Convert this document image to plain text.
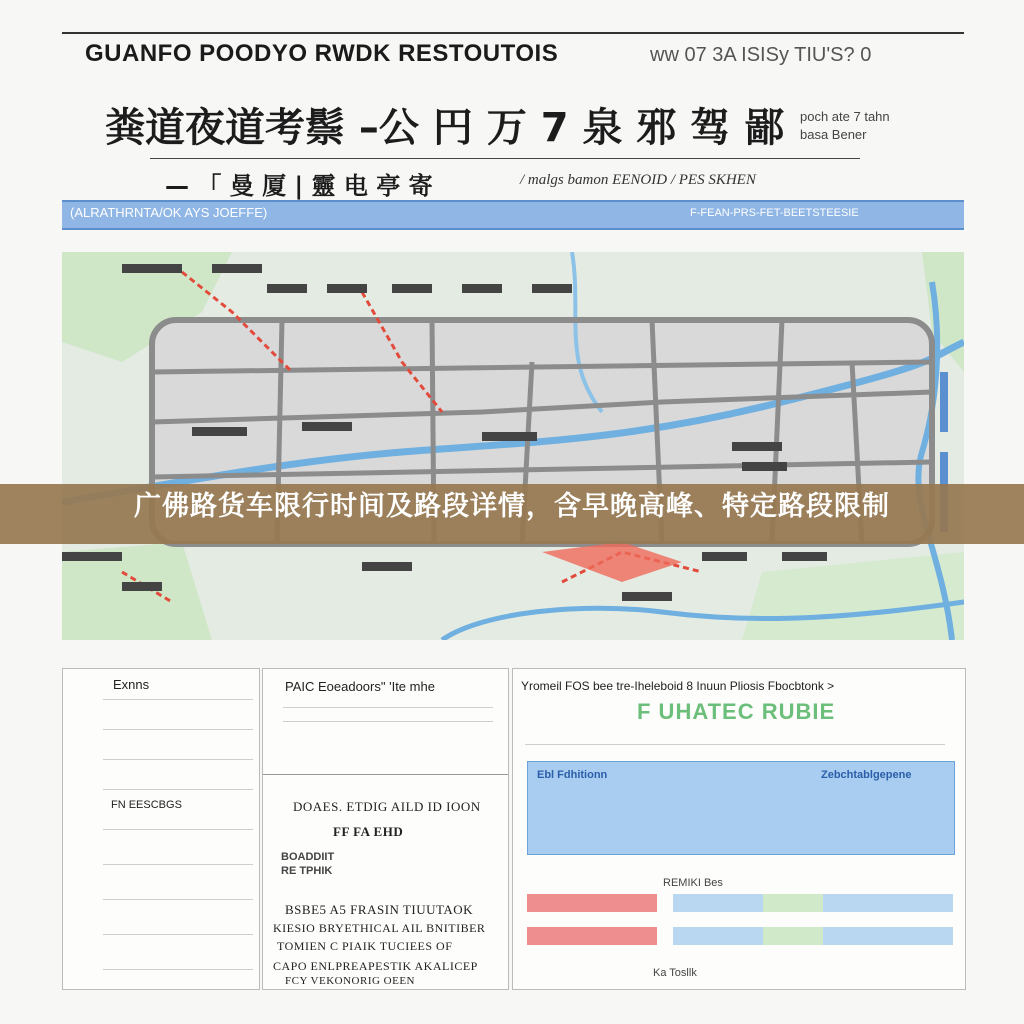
GUANFO POODYO RWDK RESTOUTOIS	ww 07 3A ISISy TIU'S? 0
粪道夜道考鬃 –公 円 万 7 泉 邪 驾 鄙 poch ate 7 tahn
basa Bener
— 「 曼 厦 | 靈 电 亭 寄	/ malgs bamon EENOID / PES SKHEN
(ALRATHRNTA/OK AYS JOEFFE)	F-FEAN-PRS-FET-BEETSTEESIE
广佛路货车限行时间及路段详情，含早晚高峰、特定路段限制
Exnns
FN EESCBGS
PAIC Eoeadoors" 'Ite mhe
DOAES. ETDIG AILD ID IOON
FF FA EHD
BOADDIIT
RE TPHIK
BSBE5 A5 FRASIN TIUUTAOK
KIESIO BRYETHICAL AIL BNITIBER
TOMIEN C PIAIK TUCIEES OF
CAPO ENLPREAPESTIK AKALICEP
FCY VEKONORIG OEEN
Yromeil FOS bee tre-Iheleboid 8 Inuun Pliosis Fbocbtonk >
F UHATEC RUBIE
Ebl Fdhitionn	Zebchtablgepene
REMIKI Bes
Ka Tosllk
